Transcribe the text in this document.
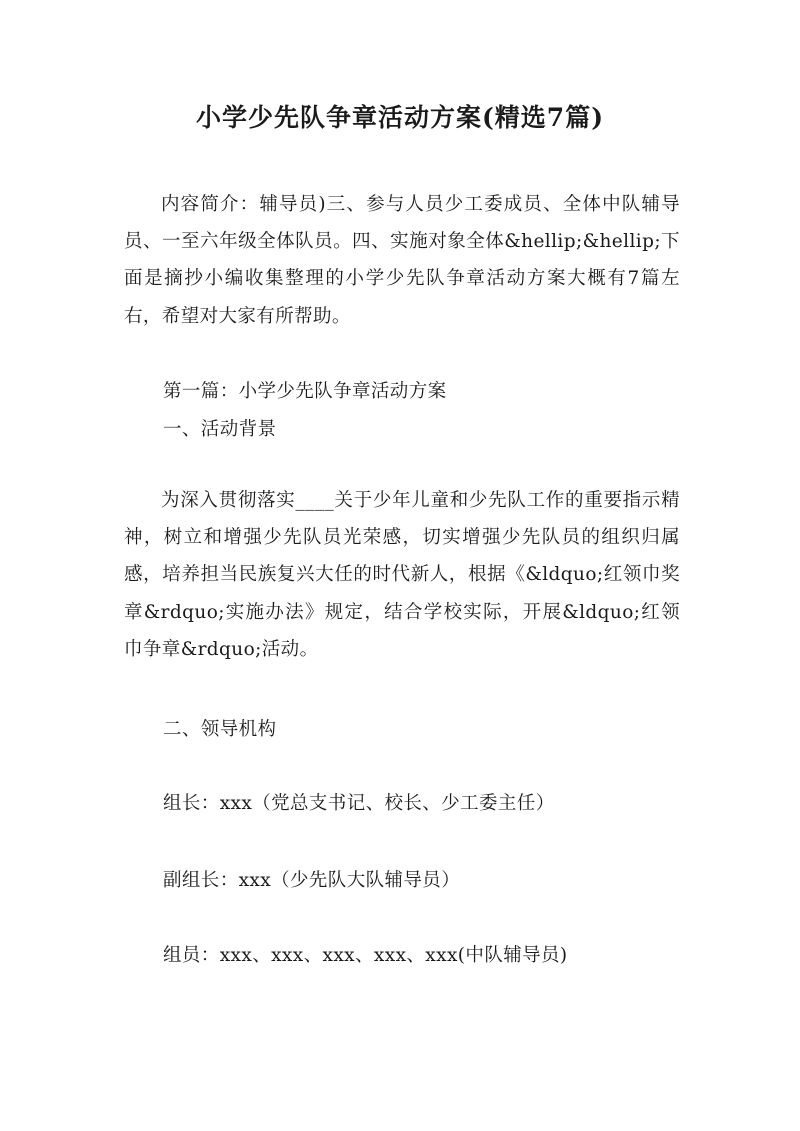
小学少先队争章活动方案(精选7篇)

内容简介：辅导员)三、参与人员少工委成员、全体中队辅导员、一至六年级全体队员。四、实施对象全体&hellip;&hellip;下面是摘抄小编收集整理的小学少先队争章活动方案大概有7篇左右，希望对大家有所帮助。

第一篇：小学少先队争章活动方案

一、活动背景

为深入贯彻落实____关于少年儿童和少先队工作的重要指示精神，树立和增强少先队员光荣感，切实增强少先队员的组织归属感，培养担当民族复兴大任的时代新人，根据《&ldquo;红领巾奖章&rdquo;实施办法》规定，结合学校实际，开展&ldquo;红领巾争章&rdquo;活动。

二、领导机构

组长：xxx（党总支书记、校长、少工委主任）

副组长：xxx（少先队大队辅导员）

组员：xxx、xxx、xxx、xxx、xxx(中队辅导员)
